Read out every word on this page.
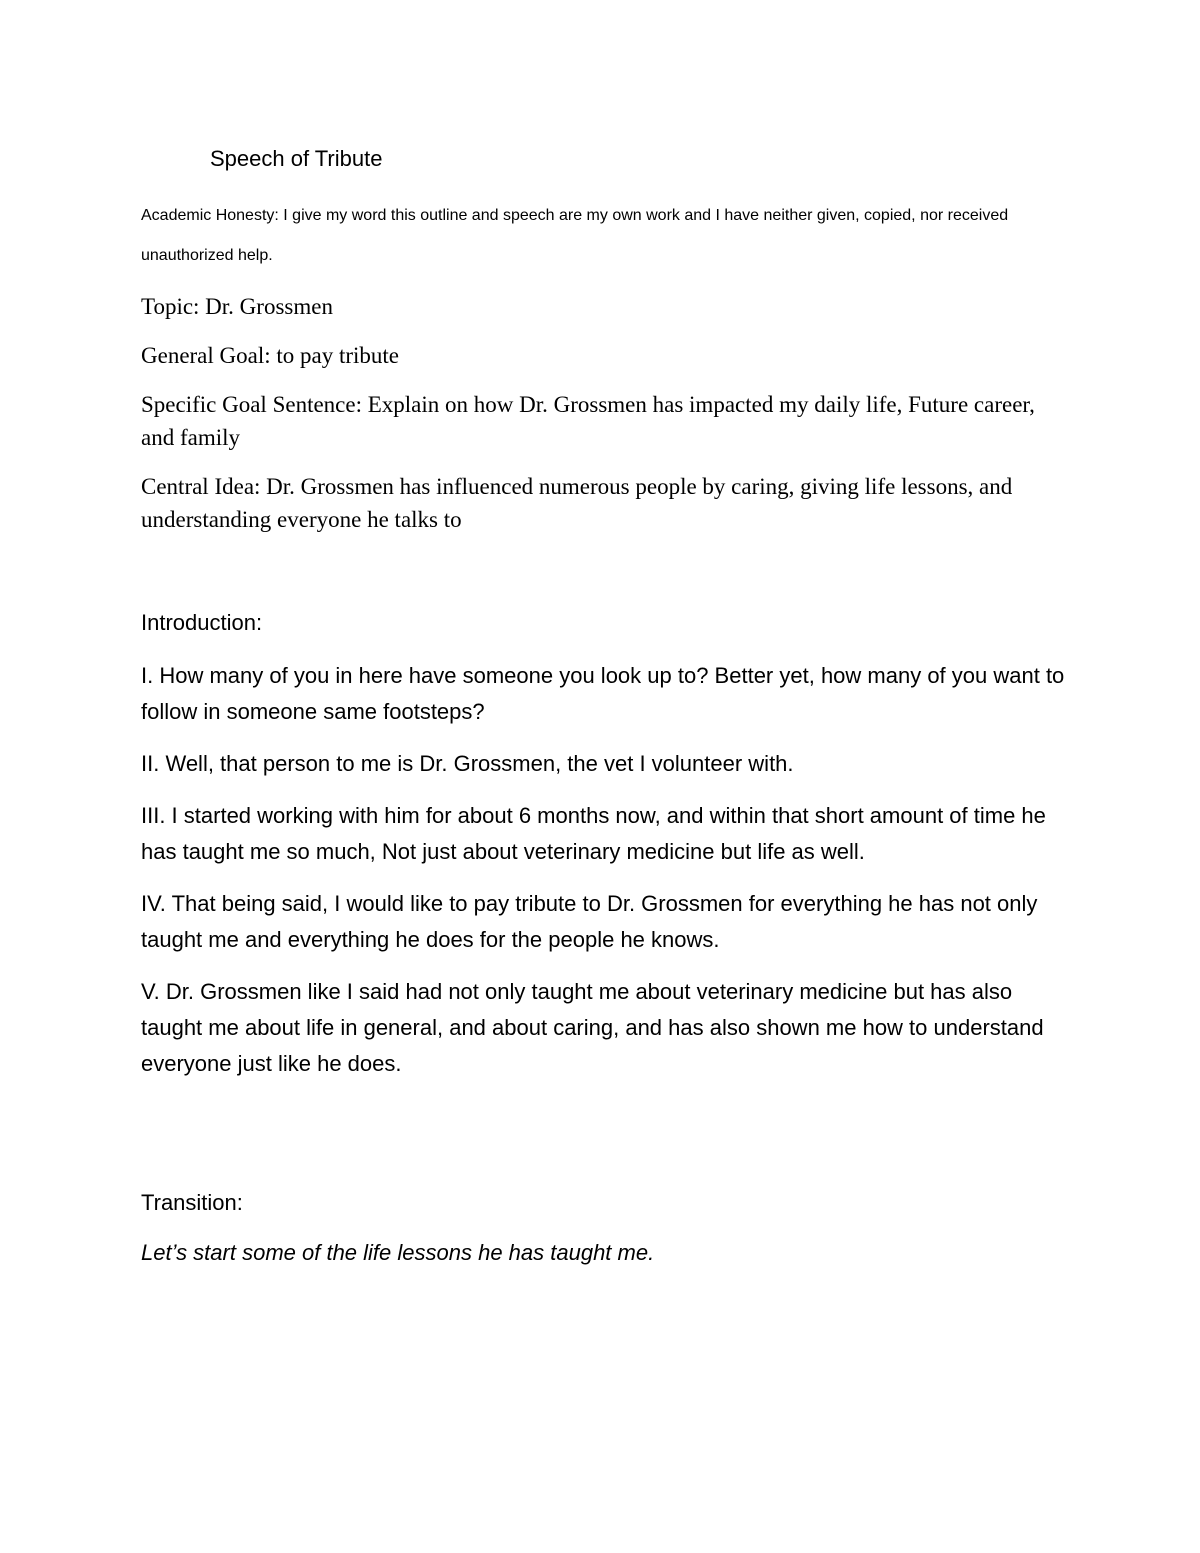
Speech of Tribute

Academic Honesty: I give my word this outline and speech are my own work and I have neither given, copied, nor received unauthorized help.

Topic: Dr. Grossmen

General Goal: to pay tribute

Specific Goal Sentence: Explain on how Dr. Grossmen has impacted my daily life, Future career, and family

Central Idea: Dr. Grossmen has influenced numerous people by caring, giving life lessons, and understanding everyone he talks to

Introduction:

I. How many of you in here have someone you look up to? Better yet, how many of you want to follow in someone same footsteps?
II. Well, that person to me is Dr. Grossmen, the vet I volunteer with.
III. I started working with him for about 6 months now, and within that short amount of time he has taught me so much, Not just about veterinary medicine but life as well.
IV. That being said, I would like to pay tribute to Dr. Grossmen for everything he has not only taught me and everything he does for the people he knows.
V. Dr. Grossmen like I said had not only taught me about veterinary medicine but has also taught me about life in general, and about caring, and has also shown me how to understand everyone just like he does.

Transition:

Let’s start some of the life lessons he has taught me.
